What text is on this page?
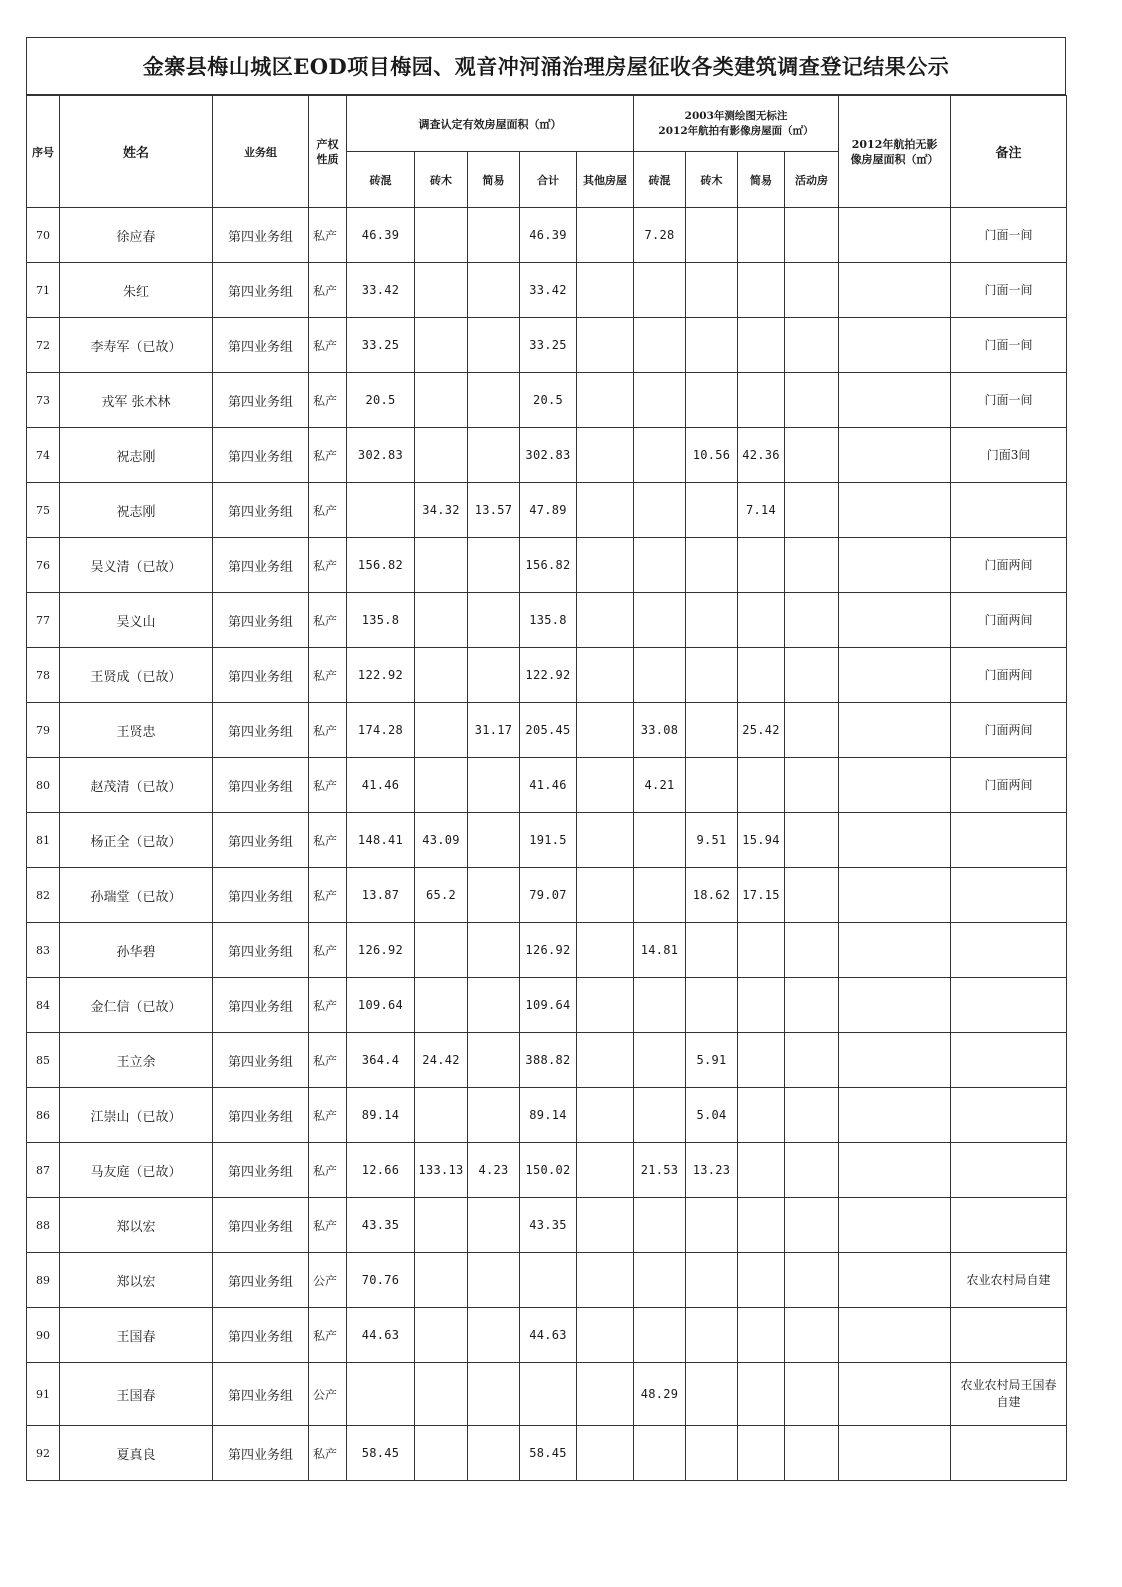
金寨县梅山城区EOD项目梅园、观音冲河涌治理房屋征收各类建筑调查登记结果公示
序号	姓名	业务组	产权性质	调查认定有效房屋面积（㎡）					2003年测绘图无标注
2012年航拍有影像房屋面（㎡）				2012年航拍无影像房屋面积（㎡）	备注
				砖混	砖木	简易	合计	其他房屋	砖混	砖木	简易	活动房		
70	徐应春	第四业务组	私产	46.39			46.39		7.28					门面一间
71	朱红	第四业务组	私产	33.42			33.42							门面一间
72	李寿军（已故）	第四业务组	私产	33.25			33.25							门面一间
73	戎军 张术林	第四业务组	私产	20.5			20.5							门面一间
74	祝志刚	第四业务组	私产	302.83			302.83			10.56	42.36			门面3间
75	祝志刚	第四业务组	私产		34.32	13.57	47.89				7.14			
76	吴义清（已故）	第四业务组	私产	156.82			156.82							门面两间
77	吴义山	第四业务组	私产	135.8			135.8							门面两间
78	王贤成（已故）	第四业务组	私产	122.92			122.92							门面两间
79	王贤忠	第四业务组	私产	174.28		31.17	205.45		33.08		25.42			门面两间
80	赵茂清（已故）	第四业务组	私产	41.46			41.46		4.21					门面两间
81	杨正全（已故）	第四业务组	私产	148.41	43.09		191.5			9.51	15.94			
82	孙瑞堂（已故）	第四业务组	私产	13.87	65.2		79.07			18.62	17.15			
83	孙华碧	第四业务组	私产	126.92			126.92		14.81					
84	金仁信（已故）	第四业务组	私产	109.64			109.64							
85	王立余	第四业务组	私产	364.4	24.42		388.82			5.91				
86	江崇山（已故）	第四业务组	私产	89.14			89.14			5.04				
87	马友庭（已故）	第四业务组	私产	12.66	133.13	4.23	150.02		21.53	13.23				
88	郑以宏	第四业务组	私产	43.35			43.35							
89	郑以宏	第四业务组	公产	70.76										农业农村局自建
90	王国春	第四业务组	私产	44.63			44.63							
91	王国春	第四业务组	公产						48.29					农业农村局王国春自建
92	夏真良	第四业务组	私产	58.45			58.45							
